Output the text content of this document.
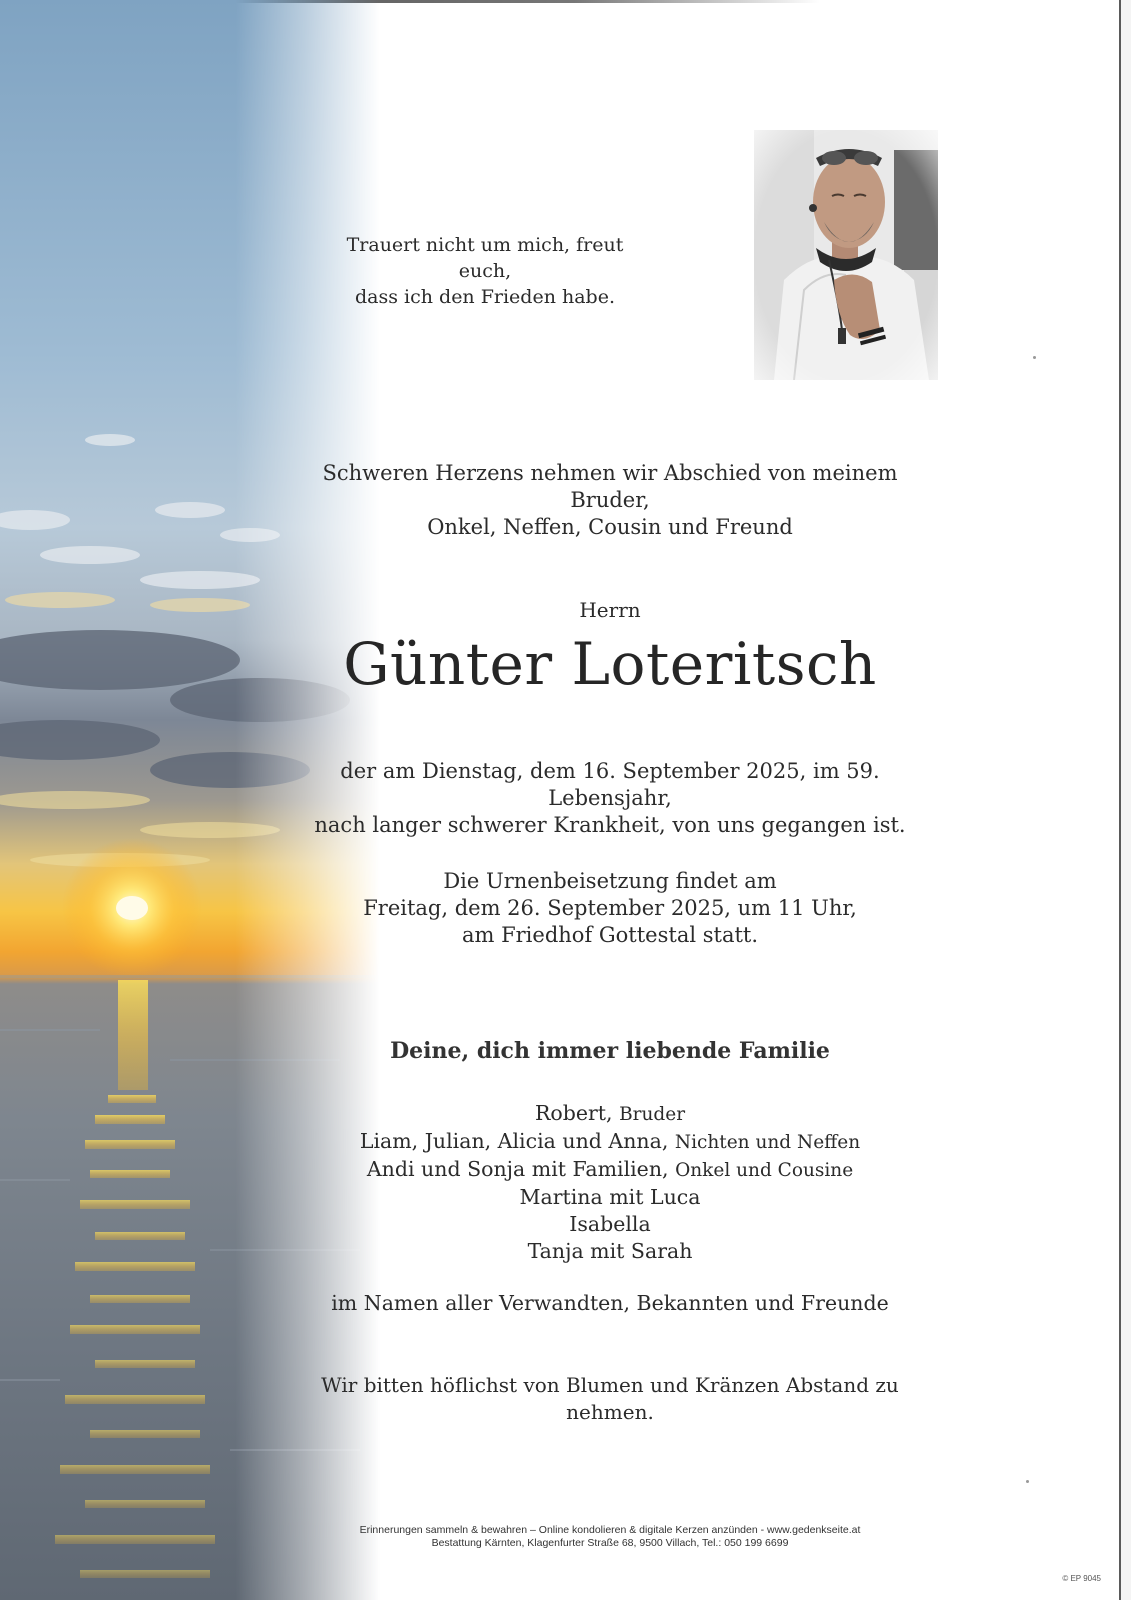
Trauert nicht um mich, freut euch,
dass ich den Frieden habe.
Schweren Herzens nehmen wir Abschied von meinem Bruder,
Onkel, Neffen, Cousin und Freund
Herrn
Günter Loteritsch
der am Dienstag, dem 16. September 2025, im 59. Lebensjahr,
nach langer schwerer Krankheit, von uns gegangen ist.
Die Urnenbeisetzung findet am
Freitag, dem 26. September 2025, um 11 Uhr,
am Friedhof Gottestal statt.
Deine, dich immer liebende Familie
Robert, Bruder
Liam, Julian, Alicia und Anna, Nichten und Neffen
Andi und Sonja mit Familien, Onkel und Cousine
Martina mit Luca
Isabella
Tanja mit Sarah
im Namen aller Verwandten, Bekannten und Freunde
Wir bitten höflichst von Blumen und Kränzen Abstand zu nehmen.
Erinnerungen sammeln & bewahren – Online kondolieren & digitale Kerzen anzünden - www.gedenkseite.at
Bestattung Kärnten, Klagenfurter Straße 68, 9500 Villach, Tel.: 050 199 6699
© EP 9045
